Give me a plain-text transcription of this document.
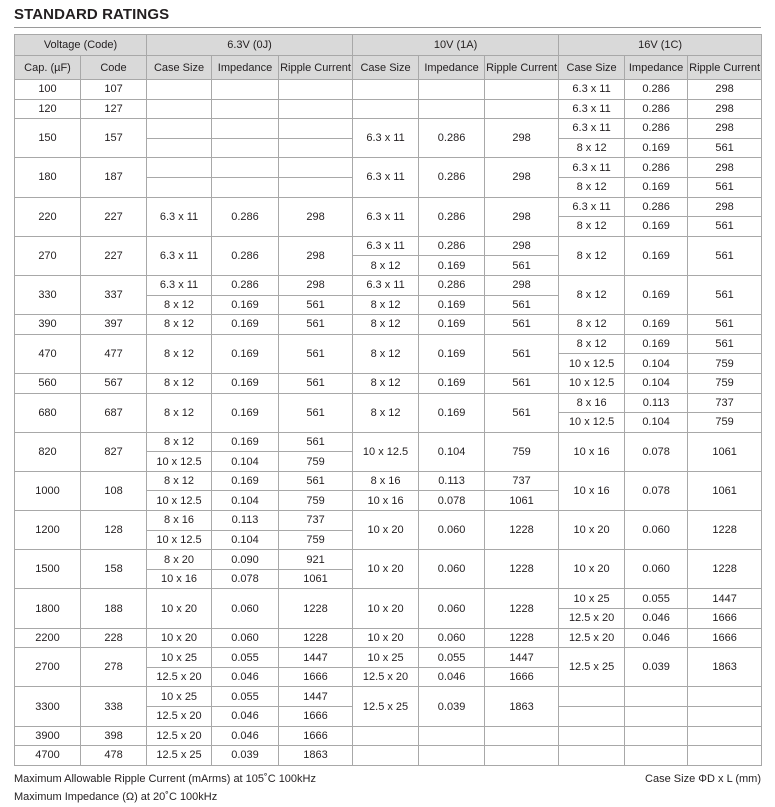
STANDARD RATINGS
Voltage (Code)		6.3V (0J)			10V (1A)			16V (1C)		
Cap. (µF)	Code	Case Size	Impedance	Ripple Current	Case Size	Impedance	Ripple Current	Case Size	Impedance	Ripple Current
100	107							6.3 x 11	0.286	298
120	127							6.3 x 11	0.286	298
150	157				6.3 x 11	0.286	298	6.3 x 11	0.286	298
								8 x 12	0.169	561
180	187				6.3 x 11	0.286	298	6.3 x 11	0.286	298
								8 x 12	0.169	561
220	227	6.3 x 11	0.286	298	6.3 x 11	0.286	298	6.3 x 11	0.286	298
								8 x 12	0.169	561
270	227	6.3 x 11	0.286	298	6.3 x 11	0.286	298	8 x 12	0.169	561
					8 x 12	0.169	561			
330	337	6.3 x 11	0.286	298	6.3 x 11	0.286	298	8 x 12	0.169	561
		8 x 12	0.169	561	8 x 12	0.169	561			
390	397	8 x 12	0.169	561	8 x 12	0.169	561	8 x 12	0.169	561
470	477	8 x 12	0.169	561	8 x 12	0.169	561	8 x 12	0.169	561
								10 x 12.5	0.104	759
560	567	8 x 12	0.169	561	8 x 12	0.169	561	10 x 12.5	0.104	759
680	687	8 x 12	0.169	561	8 x 12	0.169	561	8 x 16	0.113	737
								10 x 12.5	0.104	759
820	827	8 x 12	0.169	561	10 x 12.5	0.104	759	10 x 16	0.078	1061
		10 x 12.5	0.104	759						
1000	108	8 x 12	0.169	561	8 x 16	0.113	737	10 x 16	0.078	1061
		10 x 12.5	0.104	759	10 x 16	0.078	1061			
1200	128	8 x 16	0.113	737	10 x 20	0.060	1228	10 x 20	0.060	1228
		10 x 12.5	0.104	759						
1500	158	8 x 20	0.090	921	10 x 20	0.060	1228	10 x 20	0.060	1228
		10 x 16	0.078	1061						
1800	188	10 x 20	0.060	1228	10 x 20	0.060	1228	10 x 25	0.055	1447
								12.5 x 20	0.046	1666
2200	228	10 x 20	0.060	1228	10 x 20	0.060	1228	12.5 x 20	0.046	1666
2700	278	10 x 25	0.055	1447	10 x 25	0.055	1447	12.5 x 25	0.039	1863
		12.5 x 20	0.046	1666	12.5 x 20	0.046	1666			
3300	338	10 x 25	0.055	1447	12.5 x 25	0.039	1863			
		12.5 x 20	0.046	1666						
3900	398	12.5 x 20	0.046	1666						
4700	478	12.5 x 25	0.039	1863						
Maximum Allowable Ripple Current (mArms) at 105˚C 100kHz
Maximum Impedance (Ω) at 20˚C 100kHz
Case Size ΦD x L (mm)
